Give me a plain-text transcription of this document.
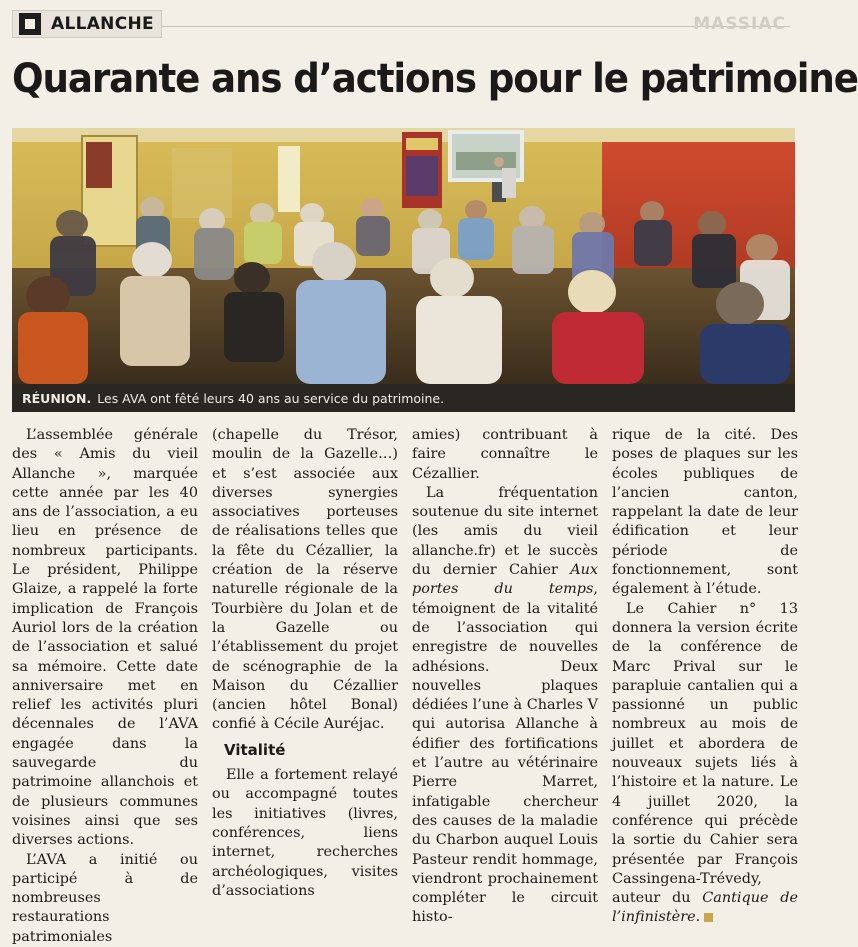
ALLANCHE	MASSIAC
Quarante ans d’actions pour le patrimoine
RÉUNION. Les AVA ont fêté leurs 40 ans au service du patrimoine.

L’assemblée générale des « Amis du vieil Allanche », marquée cette année par les 40 ans de l’association, a eu lieu en présence de nombreux participants. Le président, Philippe Glaize, a rappelé la forte implication de François Auriol lors de la création de l’association et salué sa mémoire. Cette date anniversaire met en relief les activités pluri décennales de l’AVA engagée dans la sauvegarde du patrimoine allanchois et de plusieurs communes voisines ainsi que ses diverses actions.

L’AVA a initié ou participé à de nombreuses restaurations patrimoniales

(chapelle du Trésor, moulin de la Gazelle…) et s’est associée aux diverses synergies associatives porteuses de réalisations telles que la fête du Cézallier, la création de la réserve naturelle régionale de la Tourbière du Jolan et de la Gazelle ou l’établissement du projet de scénographie de la Maison du Cézallier (ancien hôtel Bonal) confié à Cécile Auréjac.

Vitalité

Elle a fortement relayé ou accompagné toutes les initiatives (livres, conférences, liens internet, recherches archéologiques, visites d’associations

amies) contribuant à faire connaître le Cézallier.

La fréquentation soutenue du site internet (les amis du vieil allanche.fr) et le succès du dernier Cahier Aux portes du temps, témoignent de la vitalité de l’association qui enregistre de nouvelles adhésions. Deux nouvelles plaques dédiées l’une à Charles V qui autorisa Allanche à édifier des fortifications et l’autre au vétérinaire Pierre Marret, infatigable chercheur des causes de la maladie du Charbon auquel Louis Pasteur rendit hommage, viendront prochainement compléter le circuit histo-

rique de la cité. Des poses de plaques sur les écoles publiques de l’ancien canton, rappelant la date de leur édification et leur période de fonctionnement, sont également à l’étude.

Le Cahier n° 13 donnera la version écrite de la conférence de Marc Prival sur le parapluie cantalien qui a passionné un public nombreux au mois de juillet et abordera de nouveaux sujets liés à l’histoire et la nature. Le 4 juillet 2020, la conférence qui précède la sortie du Cahier sera présentée par François Cassingena-Trévedy, auteur du Cantique de l’infinistère.
